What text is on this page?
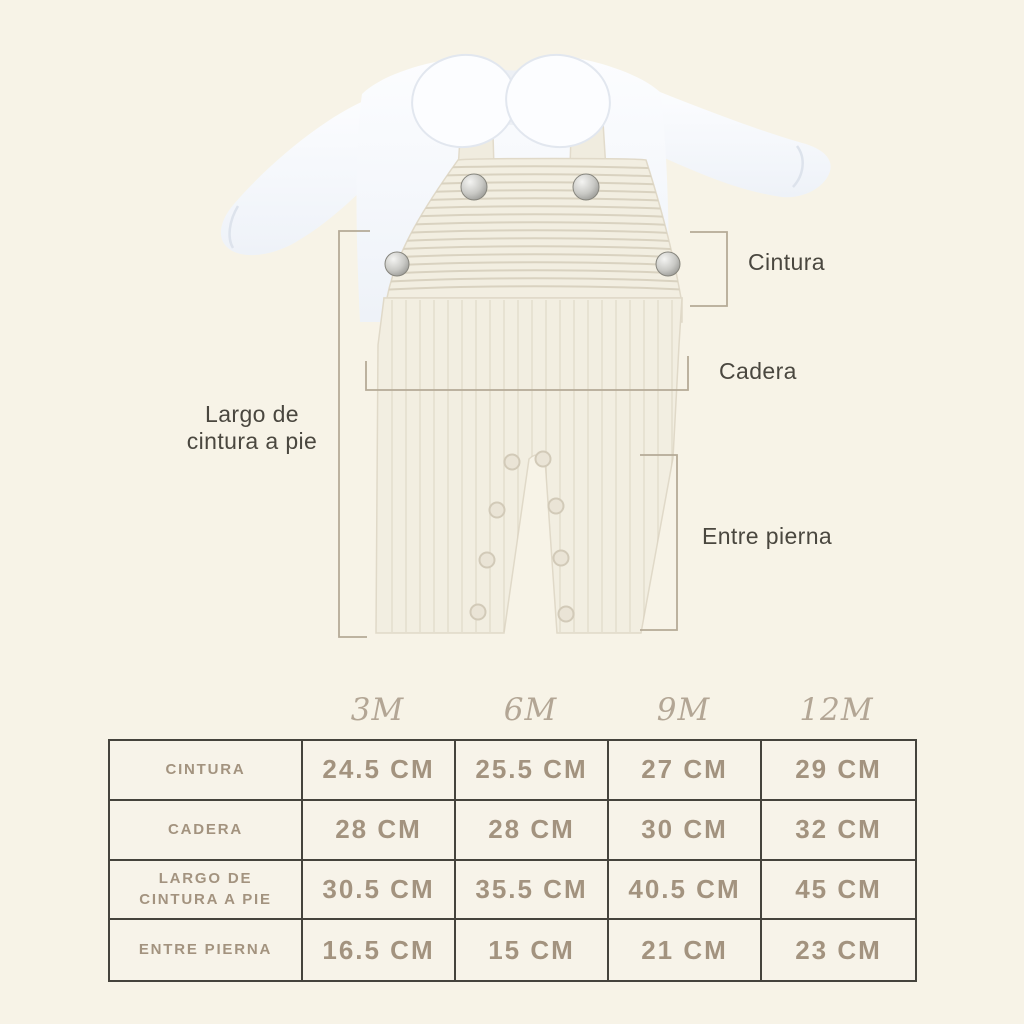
Cintura
Cadera
Largo de
cintura a pie
Entre pierna
3M	6M	9M	12M
CINTURA	24.5 CM	25.5 CM	27 CM	29 CM
CADERA	28 CM	28 CM	30 CM	32 CM
LARGO DE CINTURA A PIE	30.5 CM	35.5 CM	40.5 CM	45 CM
ENTRE PIERNA	16.5 CM	15 CM	21 CM	23 CM
